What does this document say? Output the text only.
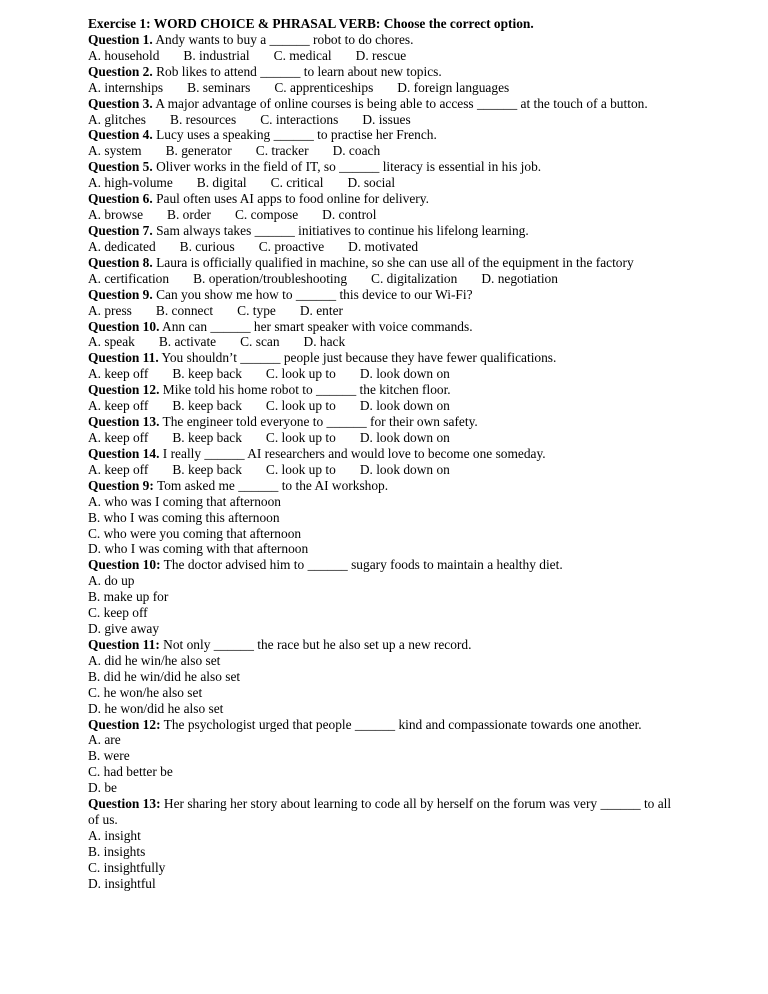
Exercise 1: WORD CHOICE & PHRASAL VERB: Choose the correct option.
Question 1. Andy wants to buy a ______ robot to do chores.
A. household B. industrial C. medical D. rescue
Question 2. Rob likes to attend ______ to learn about new topics.
A. internships B. seminars C. apprenticeships D. foreign languages
Question 3. A major advantage of online courses is being able to access ______ at the touch of a button.
A. glitches B. resources C. interactions D. issues
Question 4. Lucy uses a speaking ______ to practise her French.
A. system B. generator C. tracker D. coach
Question 5. Oliver works in the field of IT, so ______ literacy is essential in his job.
A. high-volume B. digital C. critical D. social
Question 6. Paul often uses AI apps to food online for delivery.
A. browse B. order C. compose D. control
Question 7. Sam always takes ______ initiatives to continue his lifelong learning.
A. dedicated B. curious C. proactive D. motivated
Question 8. Laura is officially qualified in machine, so she can use all of the equipment in the factory
A. certification B. operation/troubleshooting C. digitalization D. negotiation
Question 9. Can you show me how to ______ this device to our Wi-Fi?
A. press B. connect C. type D. enter
Question 10. Ann can ______ her smart speaker with voice commands.
A. speak B. activate C. scan D. hack
Question 11. You shouldn’t ______ people just because they have fewer qualifications.
A. keep off B. keep back C. look up to D. look down on
Question 12. Mike told his home robot to ______ the kitchen floor.
A. keep off B. keep back C. look up to D. look down on
Question 13. The engineer told everyone to ______ for their own safety.
A. keep off B. keep back C. look up to D. look down on
Question 14. I really ______ AI researchers and would love to become one someday.
A. keep off B. keep back C. look up to D. look down on
Question 9: Tom asked me ______ to the AI workshop.
A. who was I coming that afternoon
B. who I was coming this afternoon
C. who were you coming that afternoon
D. who I was coming with that afternoon
Question 10: The doctor advised him to ______ sugary foods to maintain a healthy diet.
A. do up
B. make up for
C. keep off
D. give away
Question 11: Not only ______ the race but he also set up a new record.
A. did he win/he also set
B. did he win/did he also set
C. he won/he also set
D. he won/did he also set
Question 12: The psychologist urged that people ______ kind and compassionate towards one another.
A. are
B. were
C. had better be
D. be
Question 13: Her sharing her story about learning to code all by herself on the forum was very ______ to all of us.
A. insight
B. insights
C. insightfully
D. insightful
